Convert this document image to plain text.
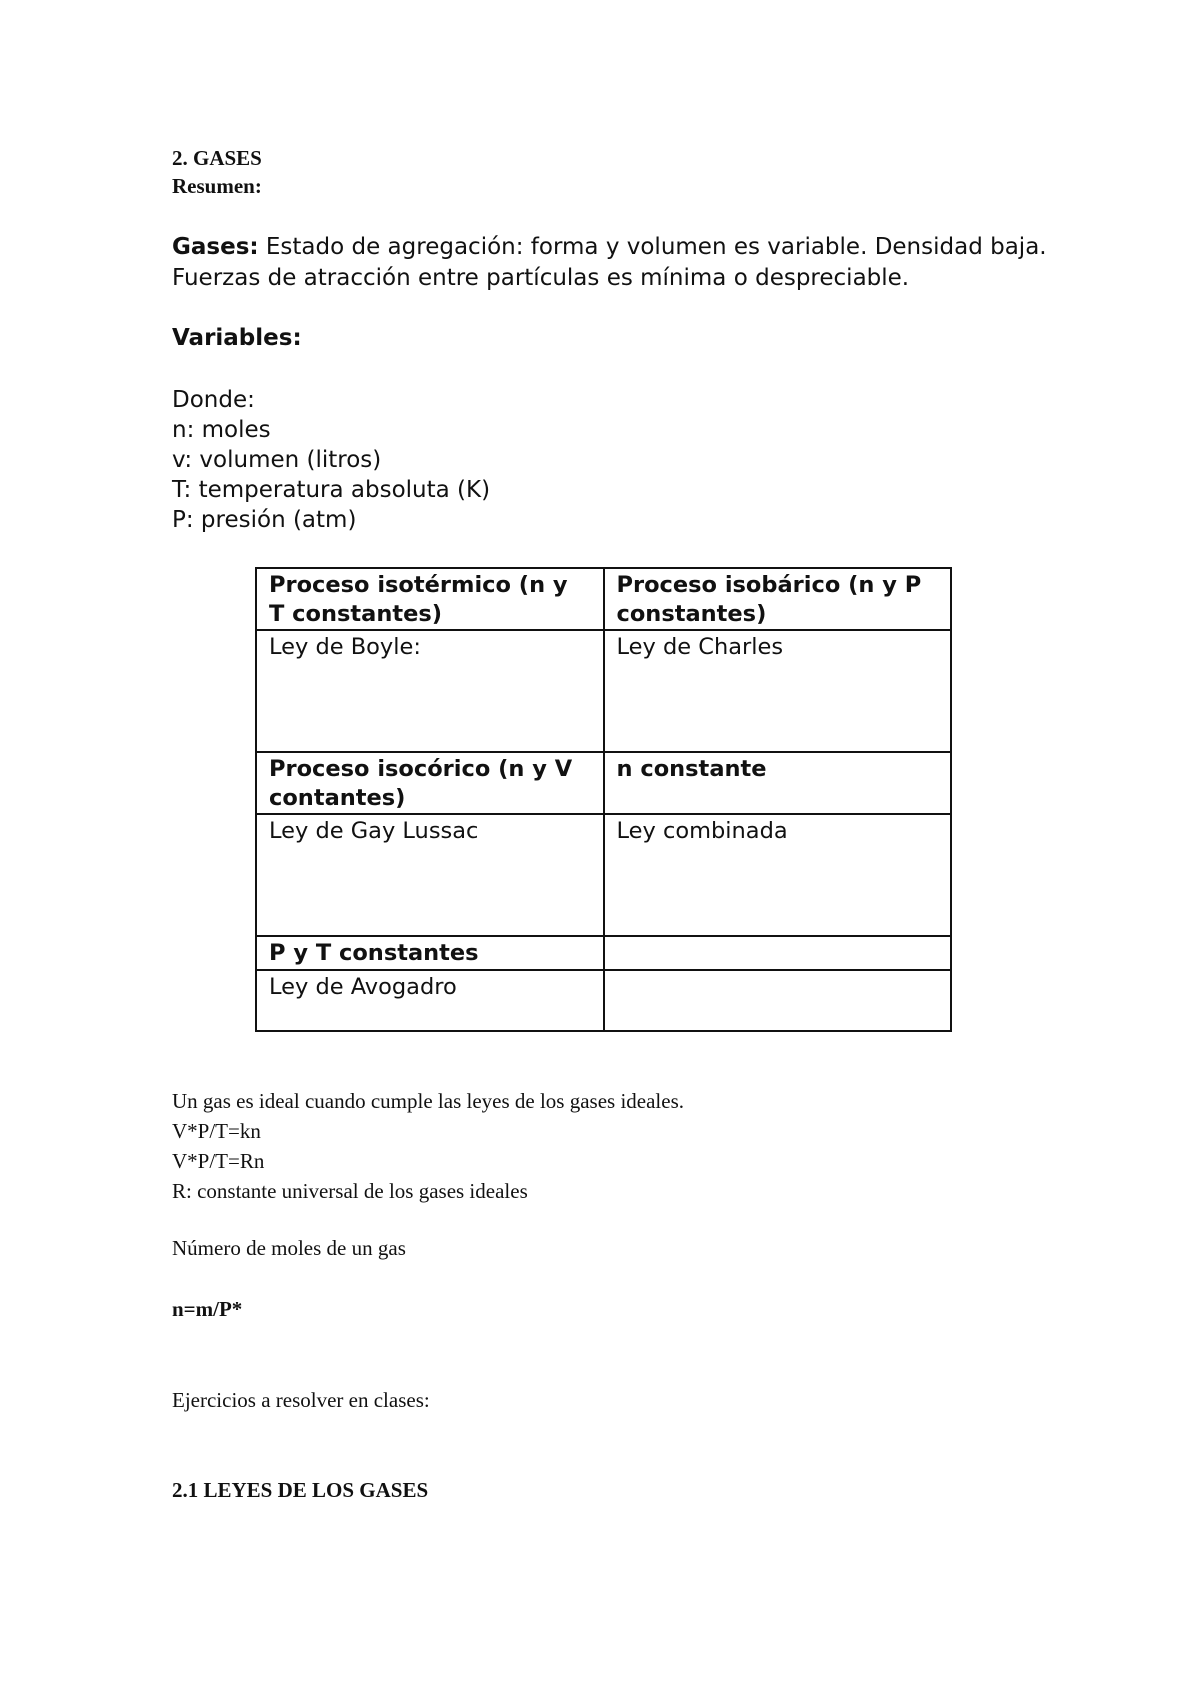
2. GASES
Resumen:
Gases: Estado de agregación: forma y volumen es variable. Densidad baja. Fuerzas de atracción entre partículas es mínima o despreciable.
Variables:
Donde:
n: moles
v: volumen (litros)
T: temperatura absoluta (K)
P: presión (atm)
Proceso isotérmico (n y T constantes)	Proceso isobárico (n y P constantes)
Ley de Boyle:	Ley de Charles
Proceso isocórico (n y V contantes)	n constante
Ley de Gay Lussac	Ley combinada
P y T constantes	
Ley de Avogadro	
Un gas es ideal cuando cumple las leyes de los gases ideales.
V*P/T=kn
V*P/T=Rn
R: constante universal de los gases ideales
Número de moles de un gas
n=m/P*
Ejercicios a resolver en clases:
2.1 LEYES DE LOS GASES
